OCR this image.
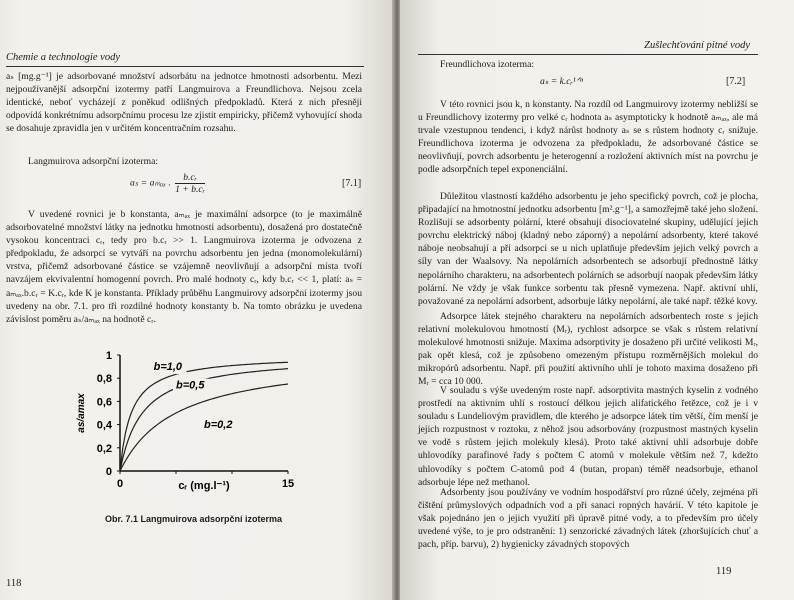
Chemie a technologie vody
aₛ [mg.g⁻¹] je adsorbované množství adsorbátu na jednotce hmotnosti adsorbentu. Mezi nejpoužívanější adsorpční izotermy patří Langmuirova a Freundlichova. Nejsou zcela identické, neboť vycházejí z poněkud odlišných předpokladů. Která z nich přesněji odpovídá konkrétnímu adsorpčnímu procesu lze zjistit empiricky, přičemž vyhovující shoda se dosahuje zpravidla jen v určitém koncentračním rozsahu.
Langmuirova adsorpční izoterma:
aₛ = aₘₐₓ . $\frac{\text{b.cᵣ}}{\text{1 + b.cᵣ}}$	[7.1]
V uvedené rovnici je b konstanta, aₘₐₓ je maximální adsorpce (to je maximálně adsorbovatelné množství látky na jednotku hmotnosti adsorbentu), dosažená pro dostatečně vysokou koncentraci cᵣ, tedy pro b.cᵣ >> 1. Langmuirova izoterma je odvozena z předpokladu, že adsorpcí se vytváří na povrchu adsorbentu jen jedna (monomolekulární) vrstva, přičemž adsorbované částice se vzájemně neovlivňují a adsorpční místa tvoří navzájem ekvivalentní homogenní povrch. Pro malé hodnoty cᵣ, kdy b.cᵣ << 1, platí: aₛ = aₘₐₓ.b.cᵣ = K.cᵣ, kde K je konstanta. Příklady průběhu Langmuirovy adsorpční izotermy jsou uvedeny na obr. 7.1. pro tři rozdílné hodnoty konstanty b. Na tomto obrázku je uvedena závislost poměru aₛ/aₘₐₓ na hodnotě cᵣ.
0
0,2
0,4
0,6
0,8
1
0	15
cᵣ (mg.l⁻¹)
as/amax
b=1,0
b=0,5
b=0,2
Obr. 7.1 Langmuirova adsorpční izoterma
118
Zušlechťování pitné vody
Freundlichova izoterma:
aₛ = k.cᵣ¹ᐟⁿ	[7.2]
V této rovnici jsou k, n konstanty. Na rozdíl od Langmuirovy izotermy nebližší se u Freundlichovy izotermy pro velké cᵣ hodnota aₛ asymptoticky k hodnotě aₘₐₓ, ale má trvale vzestupnou tendenci, i když nárůst hodnoty aₛ se s růstem hodnoty cᵣ snižuje. Freundlichova izoterma je odvozena za předpokladu, že adsorbované částice se neovlivňují, povrch adsorbentu je heterogenní a rozložení aktivních míst na povrchu je podle adsorpčních tepel exponenciální.
Důležitou vlastností každého adsorbentu je jeho specifický povrch, což je plocha, připadající na hmotnostní jednotku adsorbentu [m².g⁻¹], a samozřejmě také jeho složení. Rozlišují se adsorbenty polární, které obsahují disociovatelné skupiny, udělující jejich povrchu elektrický náboj (kladný nebo záporný) a nepolární adsorbenty, které takové náboje neobsahují a při adsorpci se u nich uplatňuje především jejich velký povrch a síly van der Waalsovy. Na nepolárních adsorbentech se adsorbují přednostně látky nepolárního charakteru, na adsorbentech polárních se adsorbují naopak především látky polární. Ne vždy je však funkce sorbentu tak přesně vymezena. Např. aktivní uhlí, považované za nepolární adsorbent, adsorbuje látky nepolární, ale také např. těžké kovy.
Adsorpce látek stejného charakteru na nepolárních adsorbentech roste s jejich relativní molekulovou hmotností (Mᵣ), rychlost adsorpce se však s růstem relativní molekulové hmotnosti snižuje. Maxima adsorptivity je dosaženo při určité velikosti Mᵣ, pak opět klesá, což je způsobeno omezeným přístupu rozměrnějších molekul do mikropórů adsorbentu. Např. při použití aktivního uhlí je tohoto maxima dosaženo při Mᵣ = cca 10 000.
V souladu s výše uvedeným roste např. adsorptivita mastných kyselin z vodného prostředí na aktivním uhlí s rostoucí délkou jejich alifatického řetězce, což je i v souladu s Lundeliovým pravidlem, dle kterého je adsorpce látek tím větší, čím menší je jejich rozpustnost v roztoku, z něhož jsou adsorbovány (rozpustnost mastných kyselin ve vodě s růstem jejich molekuly klesá). Proto také aktivní uhlí adsorbuje dobře uhlovodíky parafinové řady s počtem C atomů v molekule větším než 7, kdežto uhlovodíky s počtem C-atomů pod 4 (butan, propan) téměř neadsorbuje, ethanol adsorbuje lépe než methanol.
Adsorbenty jsou používány ve vodním hospodářství pro různé účely, zejména při čištění průmyslových odpadních vod a při sanaci ropných havárií. V této kapitole je však pojednáno jen o jejich využití při úpravě pitné vody, a to především pro účely uvedené výše, to je pro odstranění: 1) senzorické závadných látek (zhoršujících chuť a pach, příp. barvu), 2) hygienicky závadných stopových
119
